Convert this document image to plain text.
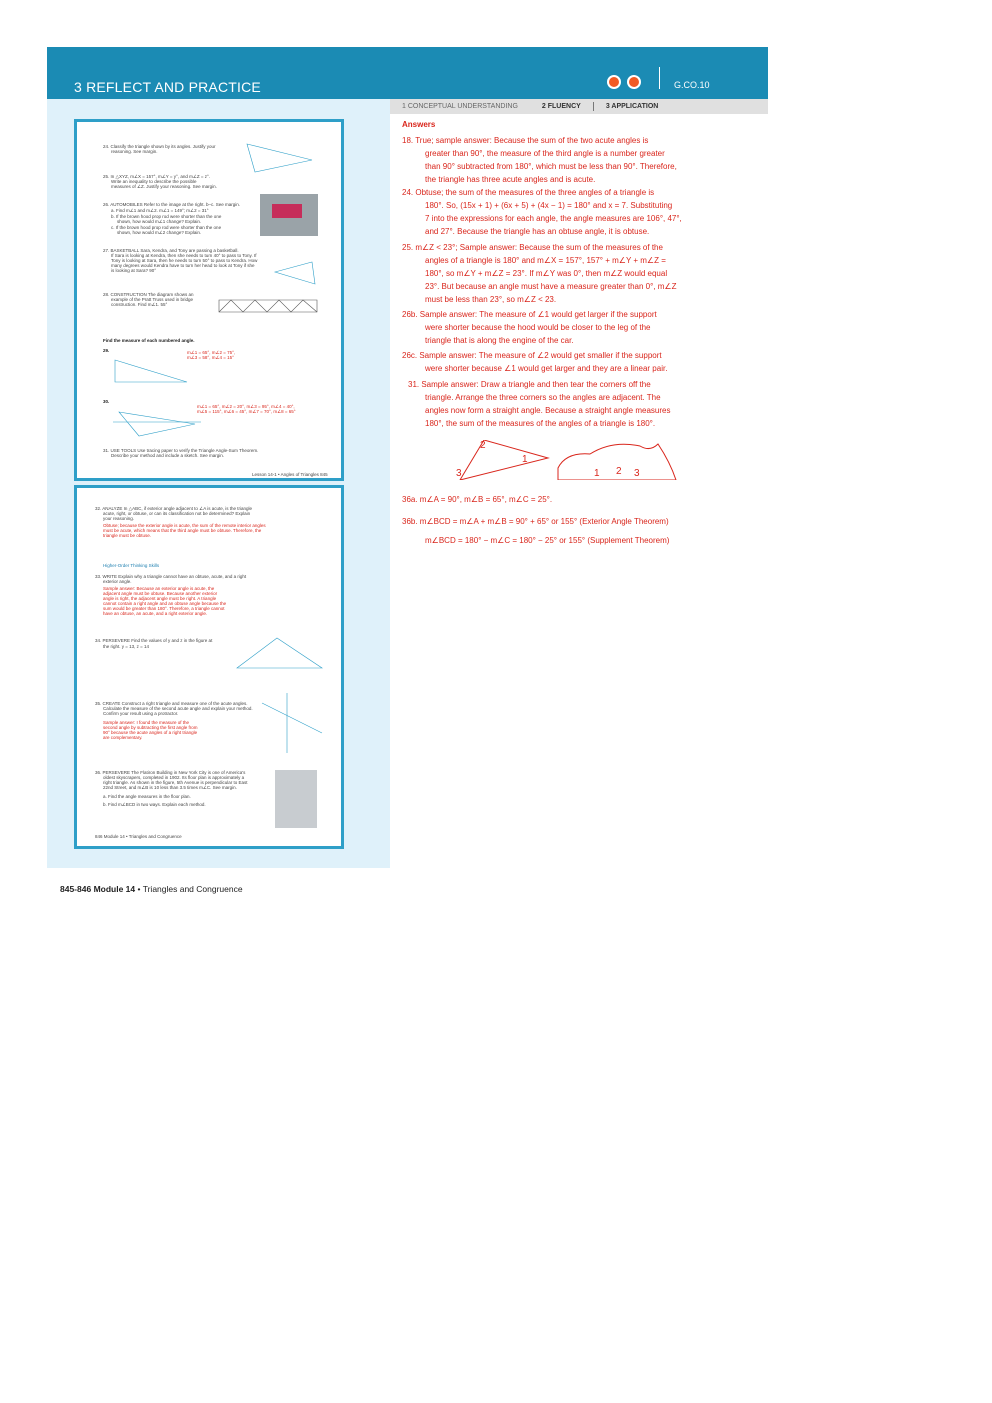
3 REFLECT AND PRACTICE	G.CO.10
1 CONCEPTUAL UNDERSTANDING	2 FLUENCY	3 APPLICATION
24. Classify the triangle shown by its angles. Justify your
reasoning. See margin.
25. In △XYZ, m∠X = 157°, m∠Y = y°, and m∠Z = z°.
Write an inequality to describe the possible
measures of ∠Z. Justify your reasoning. See margin.
26. AUTOMOBILES Refer to the image at the right. b–c. See margin.
a. Find m∠1 and m∠2. m∠1 = 149°; m∠2 = 31°
b. If the brown hood prop rod were shorter than the one
shown, how would m∠1 change? Explain.
c. If the brown hood prop rod were shorter than the one
shown, how would m∠2 change? Explain.
27. BASKETBALL Sara, Kendra, and Tony are passing a basketball.
If Sara is looking at Kendra, then she needs to turn 40° to pass to Tony. If
Tony is looking at Sara, then he needs to turn 50° to pass to Kendra. How
many degrees would Kendra have to turn her head to look at Tony if she
is looking at Sara? 90°
28. CONSTRUCTION The diagram shows an
example of the Pratt Truss used in bridge
construction. Find m∠1. 55°
Find the measure of each numbered angle.
29.	m∠1 = 65°, m∠2 = 75°,
m∠3 = 58°, m∠4 = 15°
30.
m∠1 = 65°, m∠2 = 20°, m∠3 = 95°, m∠4 = 40°,
m∠5 = 115°, m∠6 = 45°, m∠7 = 70°, m∠8 = 65°
31. USE TOOLS Use tracing paper to verify the Triangle Angle-Sum Theorem.
Describe your method and include a sketch. See margin.
Lesson 14-1 • Angles of Triangles 845
32. ANALYZE In △ABC, if exterior angle adjacent to ∠A is acute, is the triangle
acute, right, or obtuse, or can its classification not be determined? Explain
your reasoning.
Obtuse; because the exterior angle is acute, the sum of the remote interior angles
must be acute, which means that the third angle must be obtuse. Therefore, the
triangle must be obtuse.
Higher-Order Thinking Skills
33. WRITE Explain why a triangle cannot have an obtuse, acute, and a right
exterior angle.
Sample answer: Because an exterior angle is acute, the
adjacent angle must be obtuse. Because another exterior
angle is right, the adjacent angle must be right. A triangle
cannot contain a right angle and an obtuse angle because the
sum would be greater than 180°. Therefore, a triangle cannot
have an obtuse, an acute, and a right exterior angle.
34. PERSEVERE Find the values of y and z in the figure at
the right. y = 13, z = 14
35. CREATE Construct a right triangle and measure one of the acute angles.
Calculate the measure of the second acute angle and explain your method.
Confirm your result using a protractor.
Sample answer: I found the measure of the
second angle by subtracting the first angle from
90° because the acute angles of a right triangle
are complementary.
36. PERSEVERE The Flatiron Building in New York City is one of America's
oldest skyscrapers, completed in 1902. Its floor plan is approximately a
right triangle. As shown in the figure, 5th Avenue is perpendicular to East
22nd Street, and m∠B is 10 less than 3.5 times m∠C. See margin.
a. Find the angle measures in the floor plan.
b. Find m∠BCD in two ways. Explain each method.
846 Module 14 • Triangles and Congruence
Answers
18. True; sample answer: Because the sum of the two acute angles is
greater than 90°, the measure of the third angle is a number greater
than 90° subtracted from 180°, which must be less than 90°. Therefore,
the triangle has three acute angles and is acute.
24. Obtuse; the sum of the measures of the three angles of a triangle is
180°. So, (15x + 1) + (6x + 5) + (4x − 1) = 180° and x = 7. Substituting
7 into the expressions for each angle, the angle measures are 106°, 47°,
and 27°. Because the triangle has an obtuse angle, it is obtuse.
25. m∠Z < 23°; Sample answer: Because the sum of the measures of the
angles of a triangle is 180° and m∠X = 157°, 157° + m∠Y + m∠Z =
180°, so m∠Y + m∠Z = 23°. If m∠Y was 0°, then m∠Z would equal
23°. But because an angle must have a measure greater than 0°, m∠Z
must be less than 23°, so m∠Z < 23.
26b. Sample answer: The measure of ∠1 would get larger if the support
were shorter because the hood would be closer to the leg of the
triangle that is along the engine of the car.
26c. Sample answer: The measure of ∠2 would get smaller if the support
were shorter because ∠1 would get larger and they are a linear pair.
31. Sample answer: Draw a triangle and then tear the corners off the
triangle. Arrange the three corners so the angles are adjacent. The
angles now form a straight angle. Because a straight angle measures
180°, the sum of the measures of the angles of a triangle is 180°.
36a. m∠A = 90°, m∠B = 65°, m∠C = 25°.
36b. m∠BCD = m∠A + m∠B = 90° + 65° or 155° (Exterior Angle Theorem)
m∠BCD = 180° − m∠C = 180° − 25° or 155° (Supplement Theorem)
2
1
3	1 2 3
845-846 Module 14 • Triangles and Congruence
